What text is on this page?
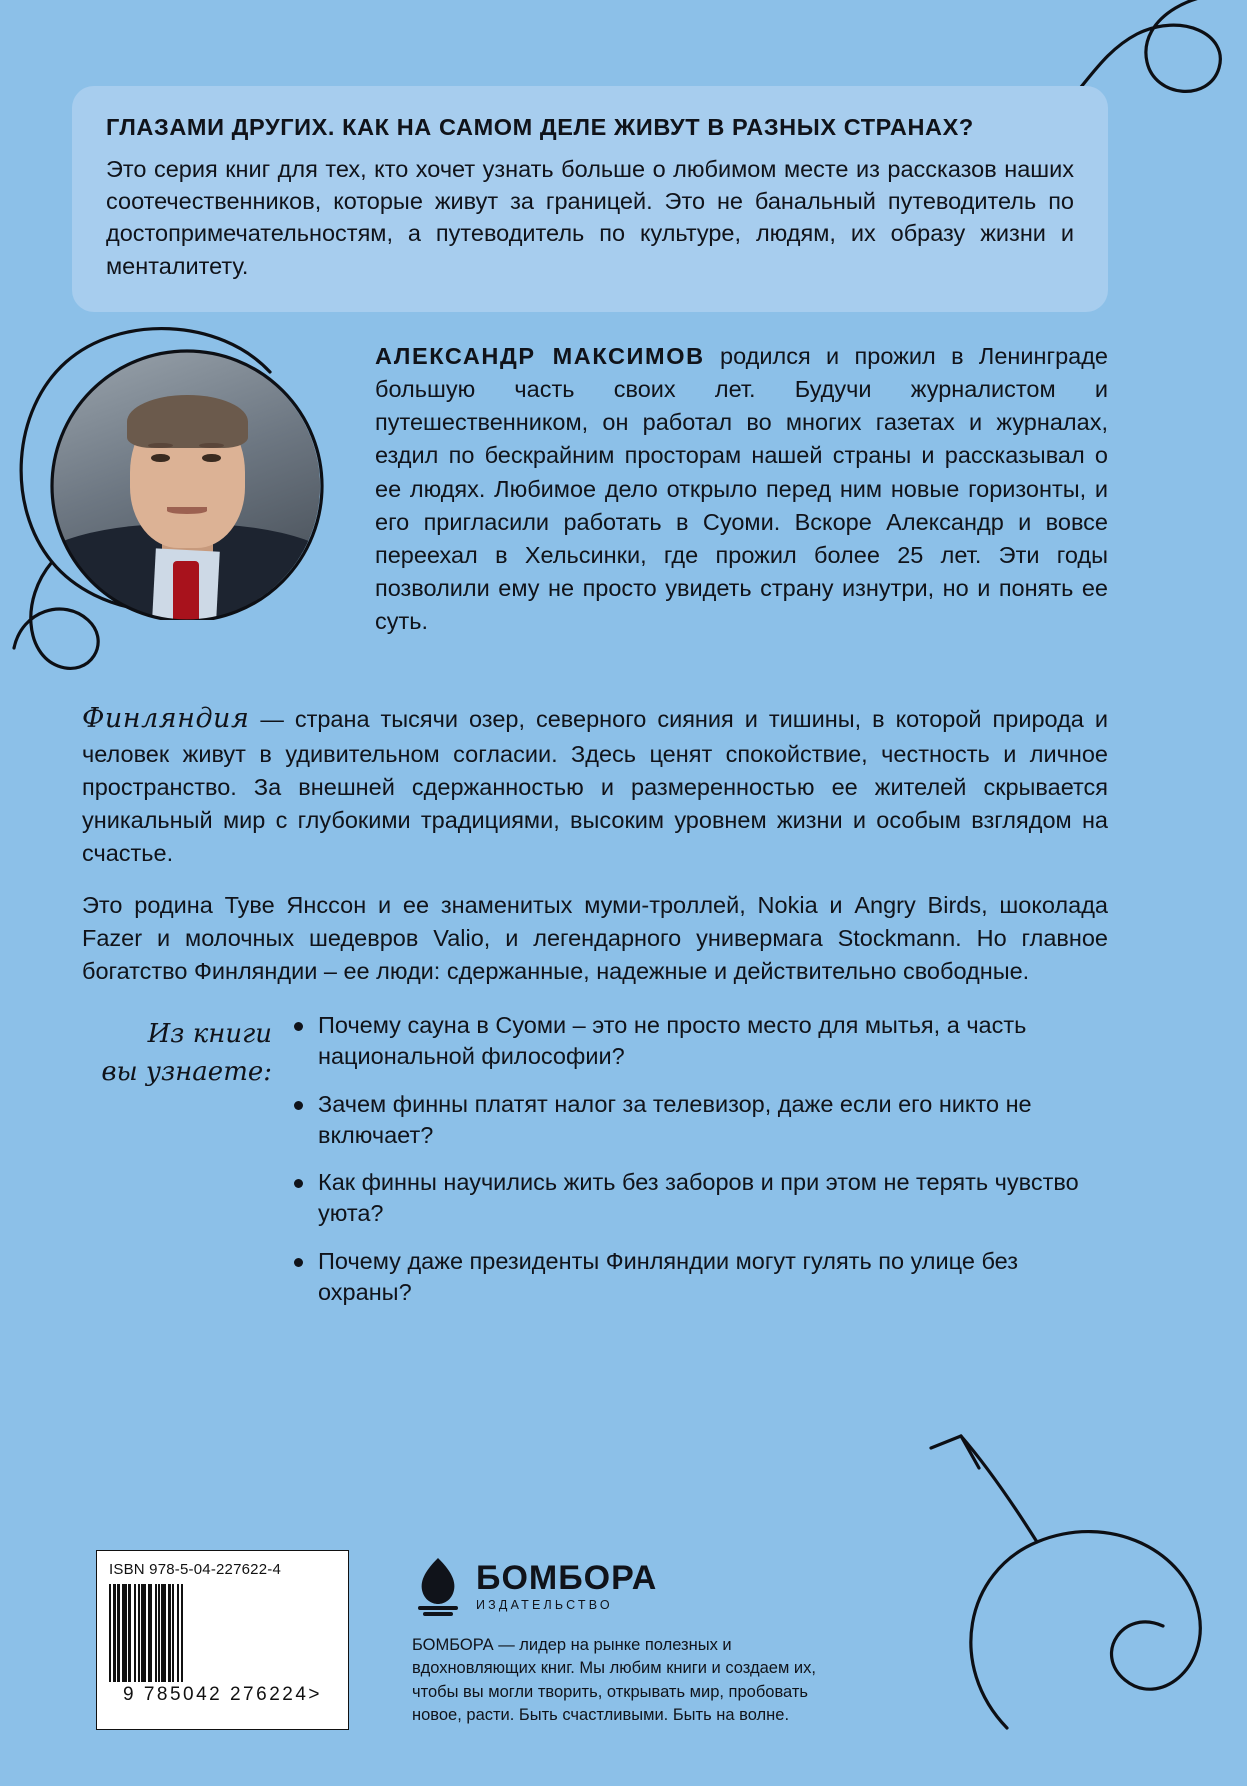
ГЛАЗАМИ ДРУГИХ. КАК НА САМОМ ДЕЛЕ ЖИВУТ В РАЗНЫХ СТРАНАХ?

Это серия книг для тех, кто хочет узнать больше о любимом месте из рассказов наших соотечественников, которые живут за границей. Это не банальный путеводитель по достопримечательностям, а путеводитель по культуре, людям, их образу жизни и менталитету.

АЛЕКСАНДР МАКСИМОВ родился и прожил в Ленинграде большую часть своих лет. Будучи журналистом и путешественником, он работал во многих газетах и журналах, ездил по бескрайним просторам нашей страны и рассказывал о ее людях. Любимое дело открыло перед ним новые горизонты, и его пригласили работать в Суоми. Вскоре Александр и вовсе переехал в Хельсинки, где прожил более 25 лет. Эти годы позволили ему не просто увидеть страну изнутри, но и понять ее суть.

Финляндия — страна тысячи озер, северного сияния и тишины, в которой природа и человек живут в удивительном согласии. Здесь ценят спокойствие, честность и личное пространство. За внешней сдержанностью и размеренностью ее жителей скрывается уникальный мир с глубокими традициями, высоким уровнем жизни и особым взглядом на счастье.

Это родина Туве Янссон и ее знаменитых муми-троллей, Nokia и Angry Birds, шоколада Fazer и молочных шедевров Valio, и легендарного универмага Stockmann. Но главное богатство Финляндии – ее люди: сдержанные, надежные и действительно свободные.

Из книги
вы узнаете:
Почему сауна в Суоми – это не просто место для мытья, а часть национальной философии?
Зачем финны платят налог за телевизор, даже если его никто не включает?
Как финны научились жить без заборов и при этом не терять чувство уюта?
Почему даже президенты Финляндии могут гулять по улице без охраны?
ISBN 978-5-04-227622-4
9 785042 276224>
БОМБОРА
ИЗДАТЕЛЬСТВО
БОМБОРА — лидер на рынке полезных и вдохновляющих книг. Мы любим книги и создаем их, чтобы вы могли творить, открывать мир, пробовать новое, расти. Быть счастливыми. Быть на волне.
